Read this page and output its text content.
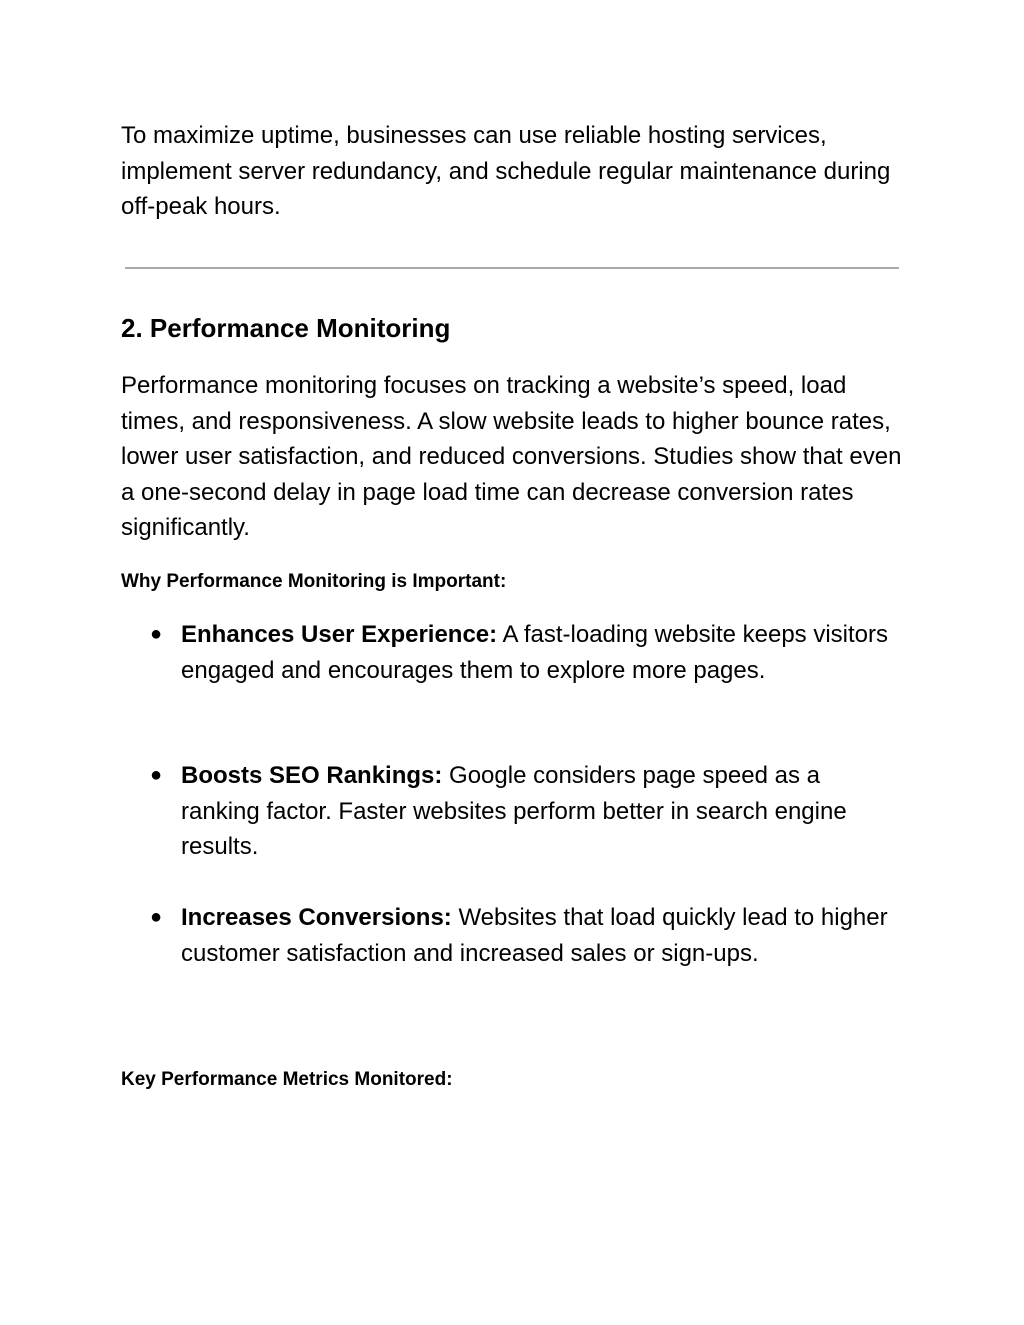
To maximize uptime, businesses can use reliable hosting services, implement server redundancy, and schedule regular maintenance during off-peak hours.

2. Performance Monitoring

Performance monitoring focuses on tracking a website’s speed, load times, and responsiveness. A slow website leads to higher bounce rates, lower user satisfaction, and reduced conversions. Studies show that even a one-second delay in page load time can decrease conversion rates significantly.

Why Performance Monitoring is Important:
● Enhances User Experience: A fast-loading website keeps visitors engaged and encourages them to explore more pages.
● Boosts SEO Rankings: Google considers page speed as a ranking factor. Faster websites perform better in search engine results.
● Increases Conversions: Websites that load quickly lead to higher customer satisfaction and increased sales or sign-ups.
Key Performance Metrics Monitored:
